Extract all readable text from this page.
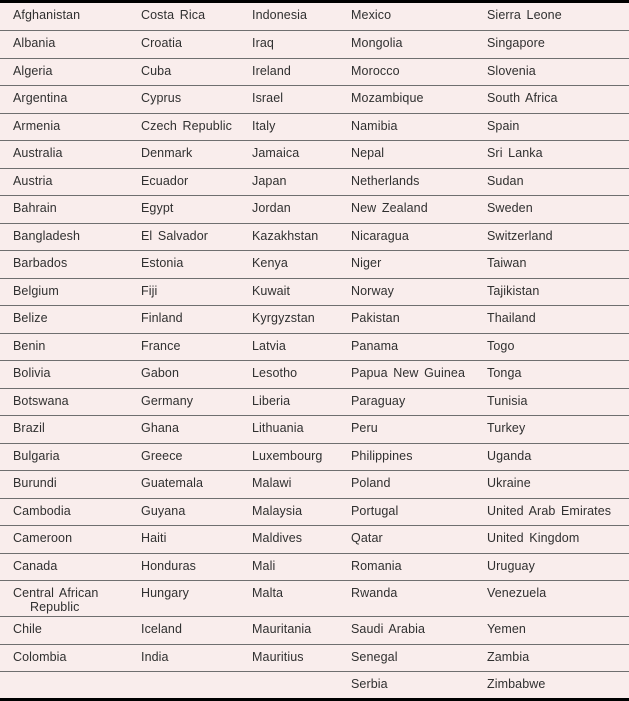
Afghanistan	Costa Rica	Indonesia	Mexico	Sierra Leone
Albania	Croatia	Iraq	Mongolia	Singapore
Algeria	Cuba	Ireland	Morocco	Slovenia
Argentina	Cyprus	Israel	Mozambique	South Africa
Armenia	Czech Republic	Italy	Namibia	Spain
Australia	Denmark	Jamaica	Nepal	Sri Lanka
Austria	Ecuador	Japan	Netherlands	Sudan
Bahrain	Egypt	Jordan	New Zealand	Sweden
Bangladesh	El Salvador	Kazakhstan	Nicaragua	Switzerland
Barbados	Estonia	Kenya	Niger	Taiwan
Belgium	Fiji	Kuwait	Norway	Tajikistan
Belize	Finland	Kyrgyzstan	Pakistan	Thailand
Benin	France	Latvia	Panama	Togo
Bolivia	Gabon	Lesotho	Papua New Guinea	Tonga
Botswana	Germany	Liberia	Paraguay	Tunisia
Brazil	Ghana	Lithuania	Peru	Turkey
Bulgaria	Greece	Luxembourg	Philippines	Uganda
Burundi	Guatemala	Malawi	Poland	Ukraine
Cambodia	Guyana	Malaysia	Portugal	United Arab Emirates
Cameroon	Haiti	Maldives	Qatar	United Kingdom
Canada	Honduras	Mali	Romania	Uruguay
Central African Republic	Hungary	Malta	Rwanda	Venezuela
Chile	Iceland	Mauritania	Saudi Arabia	Yemen
Colombia	India	Mauritius	Senegal	Zambia
			Serbia	Zimbabwe
